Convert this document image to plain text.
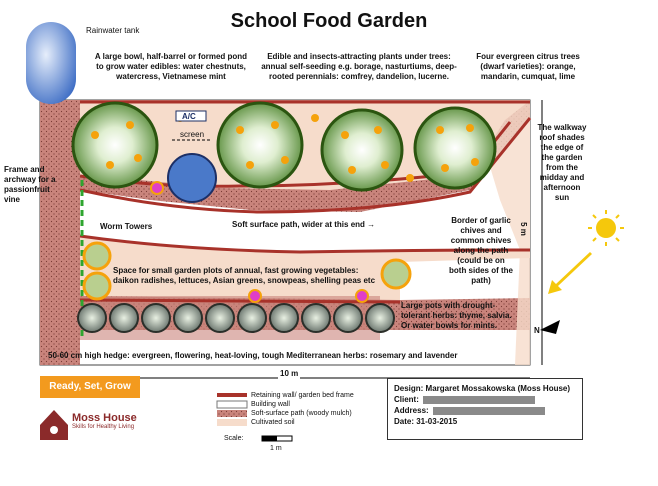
School Food Garden
Rainwater tank
A large bowl, half-barrel or formed pond
to grow water edibles: water chestnuts,
watercress, Vietnamese mint
Edible and insects-attracting plants under trees:
annual self-seeding e.g. borage, nasturtiums, deep-
rooted perennials: comfrey, dandelion, lucerne.
Four evergreen citrus trees
(dwarf varieties): orange,
mandarin, cumquat, lime
A/C
screen
Frame and
archway for a
passionfruit
vine
Worm Towers	Soft surface path, wider at this end →
The walkway
roof shades
the edge of
the garden
from the
midday and
afternoon
sun
Border of garlic
chives and
common chives
along the path
(could be on
both sides of the
path)
Space for small garden plots of annual, fast growing vegetables:
daikon radishes, lettuces, Asian greens, snowpeas, shelling peas etc
Large pots with drought-
tolerant herbs: thyme, salvia.
Or water bowls for mints.
50-60 cm high hedge: evergreen, flowering, heat-loving, tough Mediterranean herbs: rosemary and lavender
10 m
5 m
N
Ready, Set, Grow
Moss House
Skills for Healthy Living
Retaining wall/ garden bed frame
Building wall
Soft-surface path (woody mulch)
Cultivated soil
Scale:
1 m
Design: Margaret Mossakowska (Moss House)
Client:
Address:
Date: 31-03-2015
